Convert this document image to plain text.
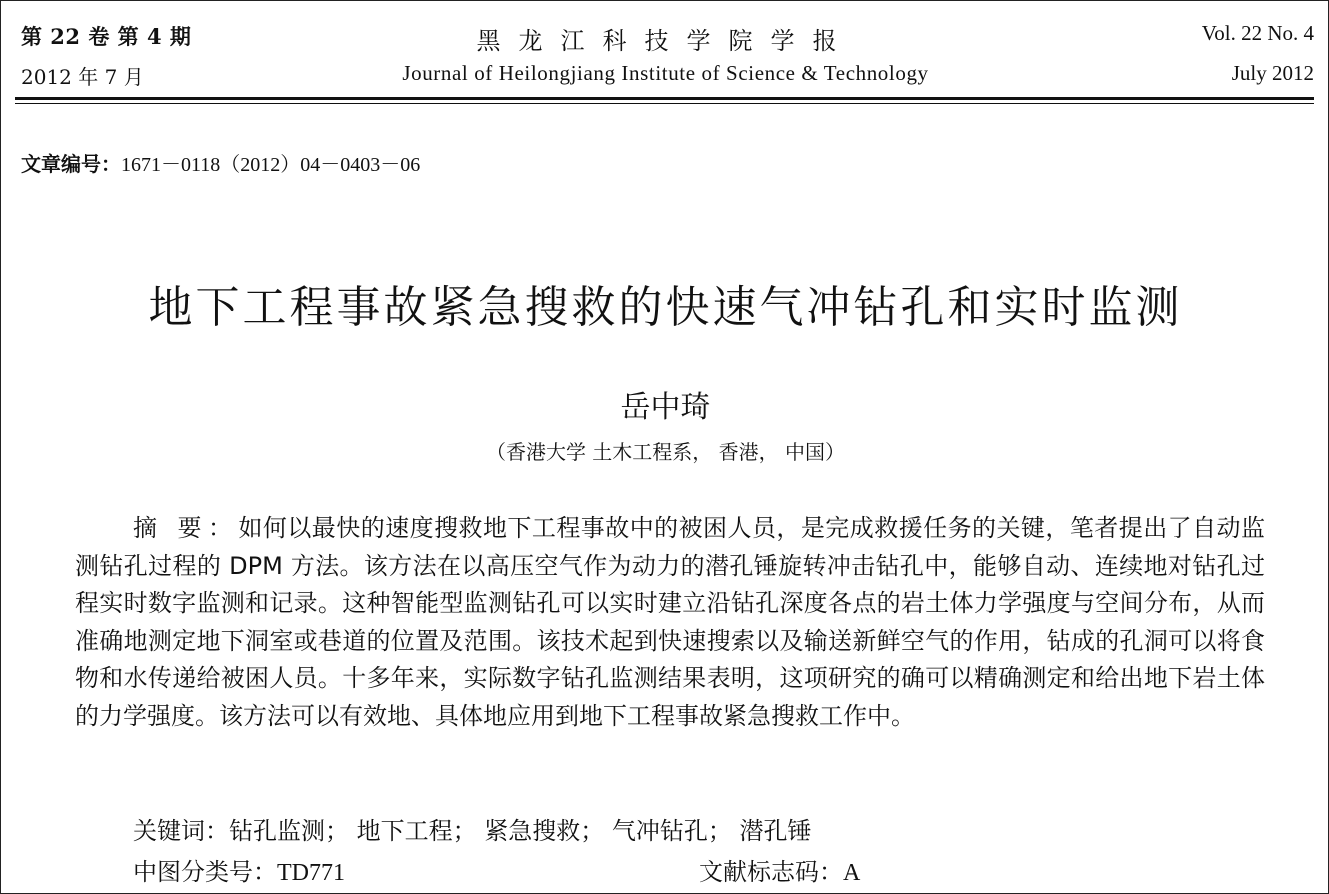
第 22 卷 第 4 期
2012 年 7 月
黑龙江科技学院学报
Journal of Heilongjiang Institute of Science & Technology
Vol. 22 No. 4
July 2012
文章编号：1671－0118（2012）04－0403－06
地下工程事故紧急搜救的快速气冲钻孔和实时监测
岳中琦
（香港大学 土木工程系， 香港， 中国）

摘 要：如何以最快的速度搜救地下工程事故中的被困人员，是完成救援任务的关键，笔者提出了自动监测钻孔过程的 DPM 方法。该方法在以高压空气作为动力的潜孔锤旋转冲击钻孔中，能够自动、连续地对钻孔过程实时数字监测和记录。这种智能型监测钻孔可以实时建立沿钻孔深度各点的岩土体力学强度与空间分布，从而准确地测定地下洞室或巷道的位置及范围。该技术起到快速搜索以及输送新鲜空气的作用，钻成的孔洞可以将食物和水传递给被困人员。十多年来，实际数字钻孔监测结果表明，这项研究的确可以精确测定和给出地下岩土体的力学强度。该方法可以有效地、具体地应用到地下工程事故紧急搜救工作中。

关键词：钻孔监测； 地下工程； 紧急搜救； 气冲钻孔； 潜孔锤
中图分类号：TD771	文献标志码：A
